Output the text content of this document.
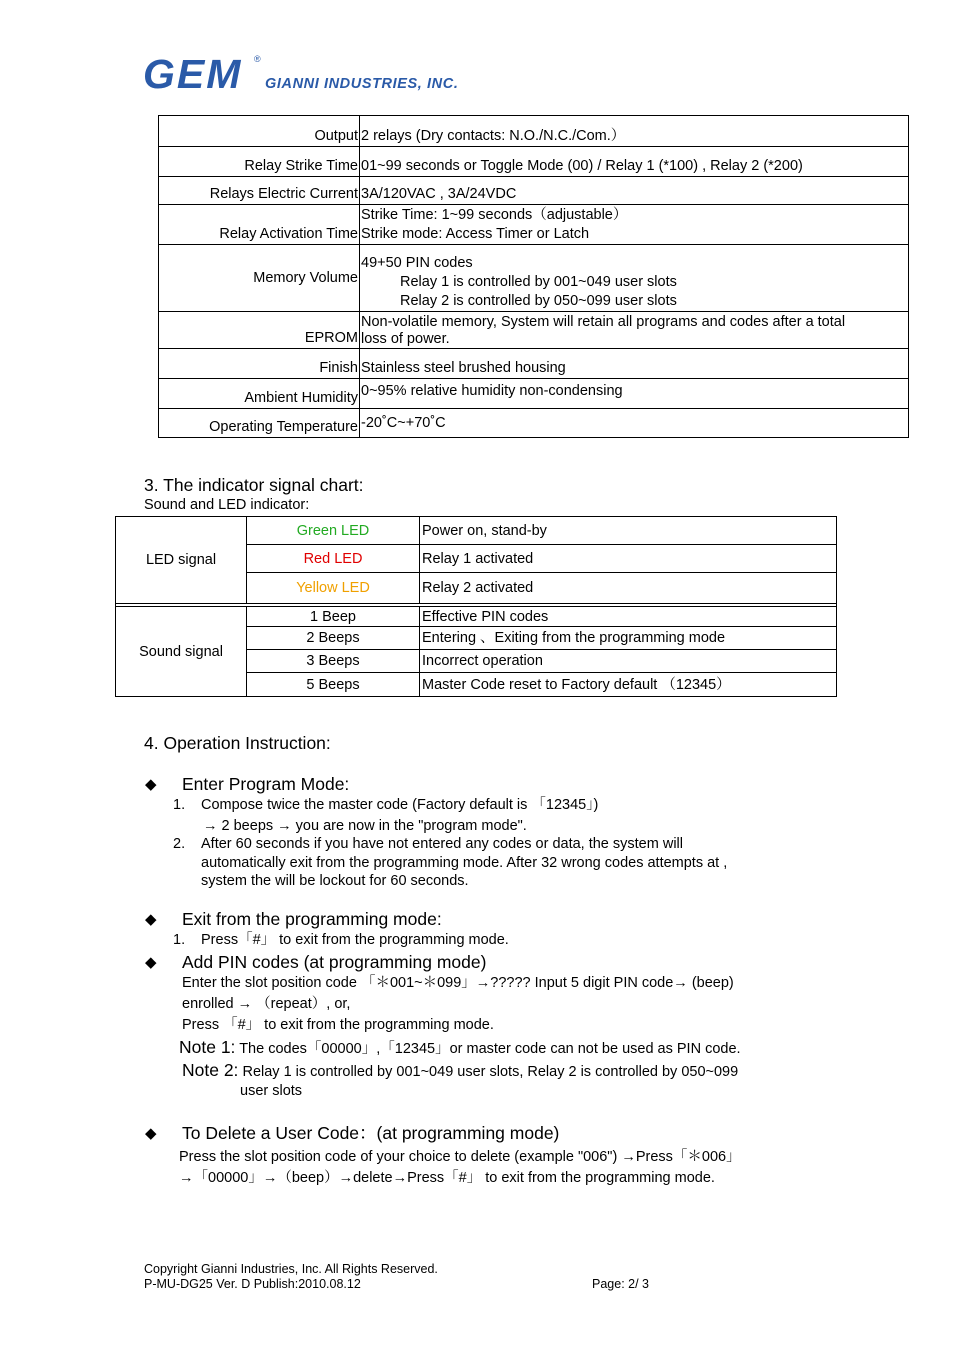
GEM ®
GIANNI INDUSTRIES, INC.
Output	2 relays (Dry contacts: N.O./N.C./Com.）
Relay Strike Time	01~99 seconds or Toggle Mode (00) / Relay 1 (*100) , Relay 2 (*200)
Relays Electric Current	3A/120VAC , 3A/24VDC
Relay Activation Time	Strike Time: 1~99 seconds（adjustable）
Strike mode: Access Timer or Latch

Memory Volume	49+50 PIN codes
Relay 1 is controlled by 001~049 user slots
Relay 2 is controlled by 050~099 user slots

EPROM	Non-volatile memory, System will retain all programs and codes after a total
loss of power.

Finish	Stainless steel brushed housing
Ambient Humidity	0~95% relative humidity non-condensing
Operating Temperature	-20˚C~+70˚C
3. The indicator signal chart:
Sound and LED indicator:
LED signal	Green LED	Power on, stand-by
	Red LED	Relay 1 activated
	Yellow LED	Relay 2 activated

Sound signal	1 Beep	Effective PIN codes
	2 Beeps	Entering 、Exiting from the programming mode
	3 Beeps	Incorrect operation
	5 Beeps	Master Code reset to Factory default （12345）
4. Operation Instruction:
◆ Enter Program Mode:
1. Compose twice the master code (Factory default is 「12345」)
→ 2 beeps → you are now in the "program mode".
2. After 60 seconds if you have not entered any codes or data, the system will
automatically exit from the programming mode. After 32 wrong codes attempts at ,
system the will be lockout for 60 seconds.
◆ Exit from the programming mode:
1. Press「#」 to exit from the programming mode.
◆ Add PIN codes (at programming mode)
Enter the slot position code 「＊001~＊099」→????? Input 5 digit PIN code→ (beep)
enrolled → （repeat）, or,
Press 「#」 to exit from the programming mode.
Note 1: The codes「00000」,「12345」or master code can not be used as PIN code.
Note 2: Relay 1 is controlled by 001~049 user slots, Relay 2 is controlled by 050~099
user slots
◆ To Delete a User Code：(at programming mode)
Press the slot position code of your choice to delete (example "006") →Press「＊006」
→「00000」→（beep）→delete→Press「#」 to exit from the programming mode.
Copyright Gianni Industries, Inc. All Rights Reserved.
P-MU-DG25 Ver. D Publish:2010.08.12	Page: 2/ 3
